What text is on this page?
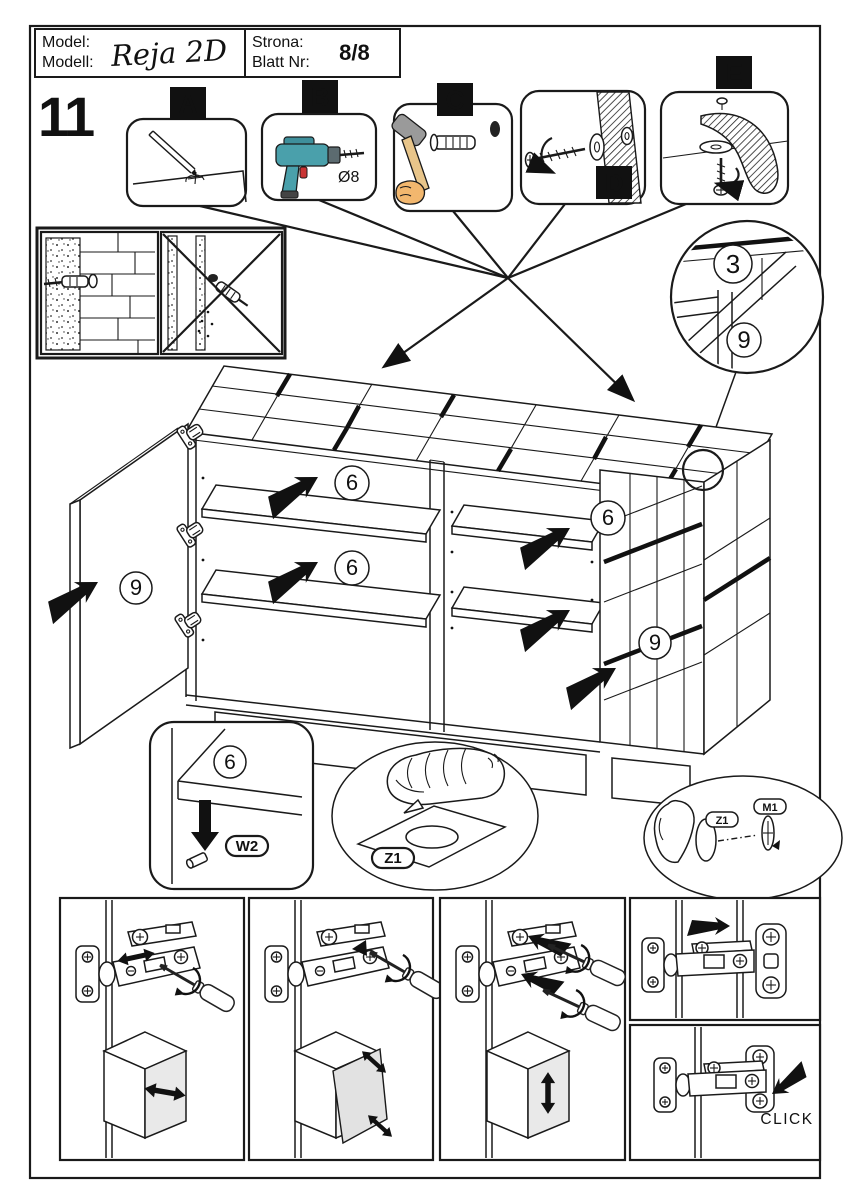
Model:
Modell: Reja 2D Strona:
Blatt Nr: 8/8
11	A	B
Ø8
C
D
E
3
9
9
9
6
6
6
6
W2
Z1
Z1
M1
CLICK
